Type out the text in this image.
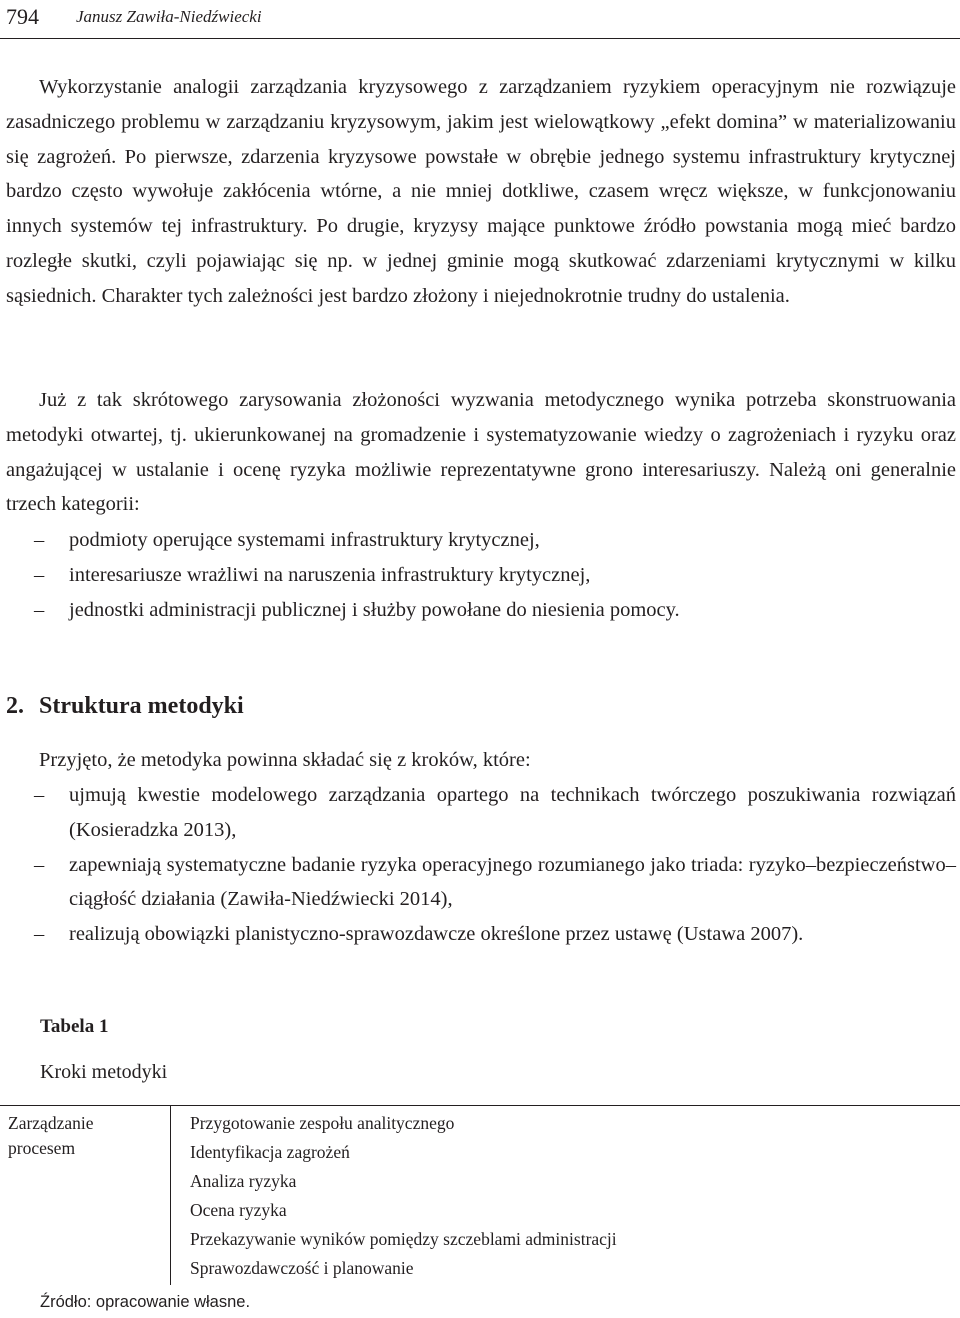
794 Janusz Zawiła-Niedźwiecki

Wykorzystanie analogii zarządzania kryzysowego z zarządzaniem ryzykiem operacyjnym nie rozwiązuje zasadniczego problemu w zarządzaniu kryzysowym, jakim jest wielowątkowy „efekt domina” w materializowaniu się zagrożeń. Po pierwsze, zdarzenia kryzysowe powstałe w obrębie jednego systemu infrastruktury krytycznej bardzo często wywołuje zakłócenia wtórne, a nie mniej dotkliwe, czasem wręcz większe, w funkcjonowaniu innych systemów tej infrastruktury. Po drugie, kryzysy mające punktowe źródło powstania mogą mieć bardzo rozległe skutki, czyli pojawiając się np. w jednej gminie mogą skutkować zdarzeniami krytycznymi w kilku sąsiednich. Charakter tych zależności jest bardzo złożony i niejednokrotnie trudny do ustalenia.

Już z tak skrótowego zarysowania złożoności wyzwania metodycznego wynika potrzeba skonstruowania metodyki otwartej, tj. ukierunkowanej na gromadzenie i systematyzowanie wiedzy o zagrożeniach i ryzyku oraz angażującej w ustalanie i ocenę ryzyka możliwie reprezentatywne grono interesariuszy. Należą oni generalnie trzech kategorii:

– podmioty operujące systemami infrastruktury krytycznej,
– interesariusze wrażliwi na naruszenia infrastruktury krytycznej,
– jednostki administracji publicznej i służby powołane do niesienia pomocy.
2. Struktura metodyki

Przyjęto, że metodyka powinna składać się z kroków, które:

– ujmują kwestie modelowego zarządzania opartego na technikach twórczego poszukiwania rozwiązań (Kosieradzka 2013),
– zapewniają systematyczne badanie ryzyka operacyjnego rozumianego jako triada: ryzyko–bezpieczeństwo–ciągłość działania (Zawiła-Niedźwiecki 2014),
– realizują obowiązki planistyczno-sprawozdawcze określone przez ustawę (Ustawa 2007).
Tabela 1
Kroki metodyki
Zarządzanie procesem
Przygotowanie zespołu analitycznego
Identyfikacja zagrożeń
Analiza ryzyka
Ocena ryzyka
Przekazywanie wyników pomiędzy szczeblami administracji
Sprawozdawczość i planowanie
Źródło: opracowanie własne.
